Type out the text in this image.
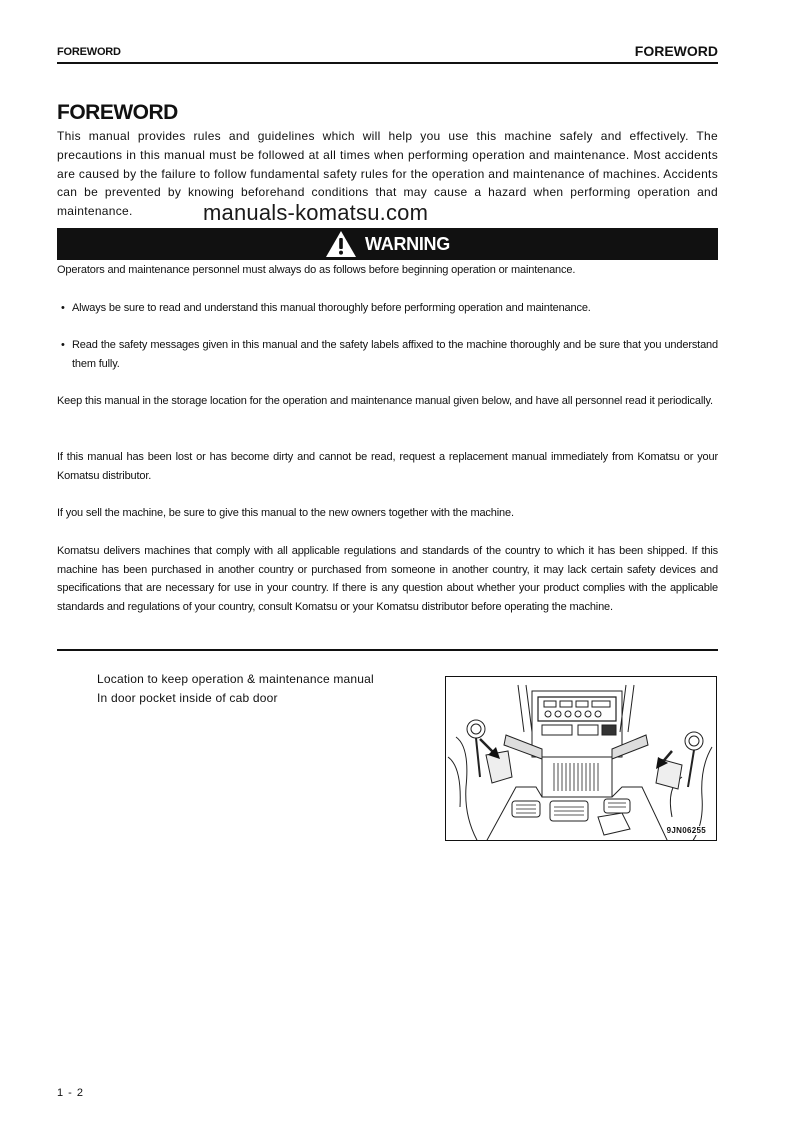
FOREWORD	FOREWORD
FOREWORD
This manual provides rules and guidelines which will help you use this machine safely and effectively. The precautions in this manual must be followed at all times when performing operation and maintenance. Most accidents are caused by the failure to follow fundamental safety rules for the operation and maintenance of machines. Accidents can be prevented by knowing beforehand conditions that may cause a hazard when performing operation and maintenance.	manuals-komatsu.com
WARNING
Operators and maintenance personnel must always do as follows before beginning operation or maintenance.
• Always be sure to read and understand this manual thoroughly before performing operation and maintenance.
• Read the safety messages given in this manual and the safety labels affixed to the machine thoroughly and be sure that you understand them fully.
Keep this manual in the storage location for the operation and maintenance manual given below, and have all personnel read it periodically.
If this manual has been lost or has become dirty and cannot be read, request a replacement manual immediately from Komatsu or your Komatsu distributor.
If you sell the machine, be sure to give this manual to the new owners together with the machine.
Komatsu delivers machines that comply with all applicable regulations and standards of the country to which it has been shipped. If this machine has been purchased in another country or purchased from someone in another country, it may lack certain safety devices and specifications that are necessary for use in your country. If there is any question about whether your product complies with the applicable standards and regulations of your country, consult Komatsu or your Komatsu distributor before operating the machine.
Location to keep operation & maintenance manual
In door pocket inside of cab door
9JN06255
1 - 2
